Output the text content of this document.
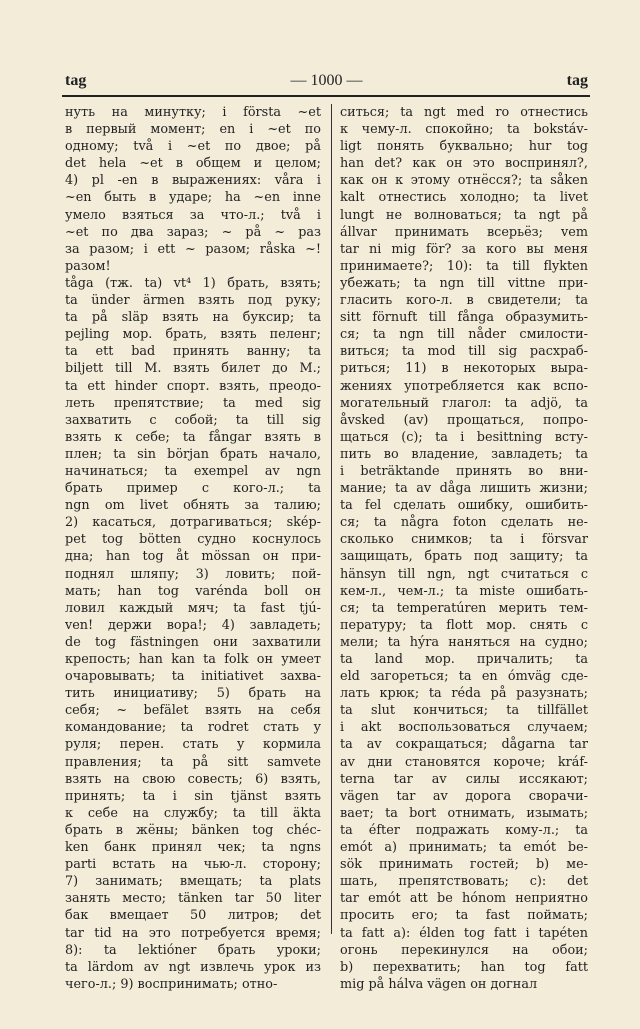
tag	— 1000 —	tag
нуть на минутку; i första ~et
в первый момент; en i ~et по
одному; två i ~et по двое; på
det hela ~et в общем и целом;
4) pl -en в выражениях: våra i
~en быть в ударе; ha ~en inne
умело взяться за что-л.; två i
~et по два зараз; ~ på ~ раз
за разом; i ett ~ разом; råska ~!
разом!
tåga (тж. ta) vt⁴ 1) брать, взять;
ta ünder ärmen взять под руку;
ta på släp взять на буксир; ta
pejling мор. брать, взять пеленг;
ta ett bad принять ванну; ta
biljett till M. взять билет до M.;
ta ett hinder спорт. взять, преодо-
леть препятствие; ta med sig
захватить с собой; ta till sig
взять к себе; ta fångar взять в
плен; ta sin början брать начало,
начинаться; ta exempel av ngn
брать пример с кого-л.; ta
ngn om livet обнять за талию;
2) касаться, дотрагиваться; skép-
pet tog bötten судно коснулось
дна; han tog åt mössan он при-
поднял шляпу; 3) ловить; пой-
мать; han tog varénda boll он
ловил каждый мяч; ta fast tjú-
ven! держи вора!; 4) завладеть;
de tog fästningen они захватили
крепость; han kan ta folk он умеет
очаровывать; ta initiativet захва-
тить инициативу; 5) брать на
себя; ~ befälet взять на себя
командование; ta rodret стать у
руля; перен. стать у кормила
правления; ta på sitt samvete
взять на свою совесть; 6) взять,
принять; ta i sin tjänst взять
к себе на службу; ta till äkta
брать в жёны; bänken tog chéc-
ken банк принял чек; ta ngns
parti встать на чью-л. сторону;
7) занимать; вмещать; ta plats
занять место; tänken tar 50 liter
бак вмещает 50 литров; det
tar tid на это потребуется время;
8): ta lektióner брать уроки;
ta lärdom av ngt извлечь урок из
чего-л.; 9) воспринимать; отно-
ситься; ta ngt med ro отнестись
к чему-л. спокойно; ta bokstáv-
ligt понять буквально; hur tog
han det? как он это воспринял?,
как он к этому отнёсся?; ta såken
kalt отнестись холодно; ta livet
lungt не волноваться; ta ngt på
állvar принимать всерьёз; vem
tar ni mig för? за кого вы меня
принимаете?; 10): ta till flykten
убежать; ta ngn till vittne при-
гласить кого-л. в свидетели; ta
sitt förnuft till fånga образумить-
ся; ta ngn till nåder смилости-
виться; ta mod till sig расхраб-
риться; 11) в некоторых выра-
жениях употребляется как вспо-
могательный глагол: ta adjö, ta
åvsked (av) прощаться, попро-
щаться (с); ta i besittning всту-
пить во владение, завладеть; ta
i beträktande принять во вни-
мание; ta av dåga лишить жизни;
ta fel сделать ошибку, ошибить-
ся; ta några foton сделать не-
сколько снимков; ta i försvar
защищать, брать под защиту; ta
hänsyn till ngn, ngt считаться с
кем-л., чем-л.; ta miste ошибать-
ся; ta temperatúren мерить тем-
пературу; ta flott мор. снять с
мели; ta hýra наняться на судно;
ta land мор. причалить; ta
eld загореться; ta en ómväg сде-
лать крюк; ta réda på разузнать;
ta slut кончиться; ta tillfället
i akt воспользоваться случаем;
ta av сокращаться; dågarna tar
av дни становятся короче; kráf-
terna tar av силы иссякают;
vägen tar av дорога сворачи-
вает; ta bort отнимать, изымать;
ta éfter подражать кому-л.; ta
emót a) принимать; ta emót be-
sök принимать гостей; b) ме-
шать, препятствовать; c): det
tar emót att be hónom неприятно
просить его; ta fast поймать;
ta fatt a): élden tog fatt i tapéten
огонь перекинулся на обои;
b) перехватить; han tog fatt
mig på hálva vägen он догнал
